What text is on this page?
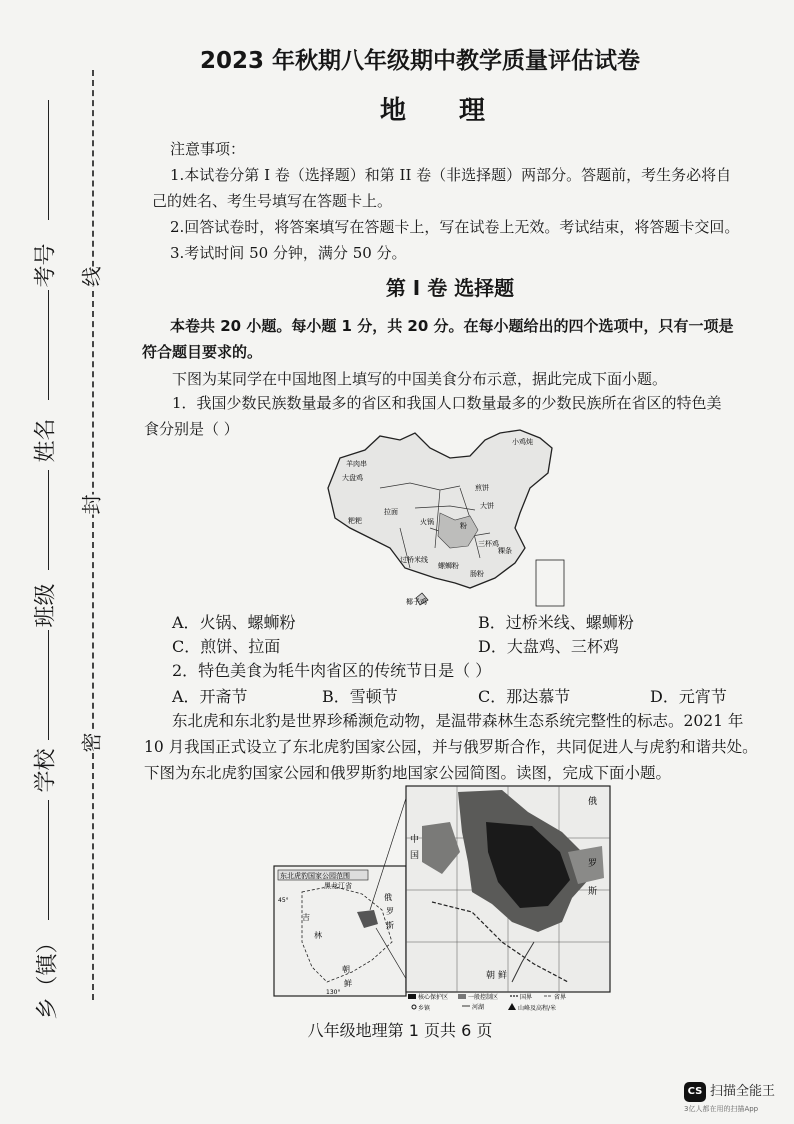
考号
姓名
班级
学校
乡（镇）
线
封
密
2023 年秋期八年级期中教学质量评估试卷
地 理

注意事项：

1.本试卷分第 I 卷（选择题）和第 II 卷（非选择题）两部分。答题前，考生务必将自

己的姓名、考生号填写在答题卡上。

2.回答试卷时，将答案填写在答题卡上，写在试卷上无效。考试结束，将答题卡交回。

3.考试时间 50 分钟，满分 50 分。

第 Ⅰ 卷 选择题
本卷共 20 小题。每小题 1 分，共 20 分。在每小题给出的四个选项中，只有一项是
符合题目要求的。
下图为某同学在中国地图上填写的中国美食分布示意，据此完成下面小题。
1．我国少数民族数量最多的省区和我国人口数量最多的少数民族所在省区的特色美
食分别是（ ）
羊肉串
大盘鸡
拉面
煎饼
粑粑	火锅
大饼
小鸡炖
粉
过桥米线
粿条
三杯鸡
螺蛳粉
肠粉
椰子鸡
A．火锅、螺蛳粉	B．过桥米线、螺蛳粉
C．煎饼、拉面	D．大盘鸡、三杯鸡
2．特色美食为牦牛肉省区的传统节日是（ ）
A．开斋节	B．雪顿节	C．那达慕节	D．元宵节
东北虎和东北豹是世界珍稀濒危动物，是温带森林生态系统完整性的标志。2021 年
10 月我国正式设立了东北虎豹国家公园，并与俄罗斯合作，共同促进人与虎豹和谐共处。
下图为东北虎豹国家公园和俄罗斯豹地国家公园简图。读图，完成下面小题。
东北虎豹国家公园范围
黑龙江省
吉
林
俄
罗
斯
朝
鲜
45°
130°
俄
罗
斯
中
国
朝 鲜
核心保护区	一般控制区	国界	省界
河湖
乡镇	山峰及高程/米
八年级地理第 1 页共 6 页
CS 扫描全能王
3亿人都在用的扫描App
